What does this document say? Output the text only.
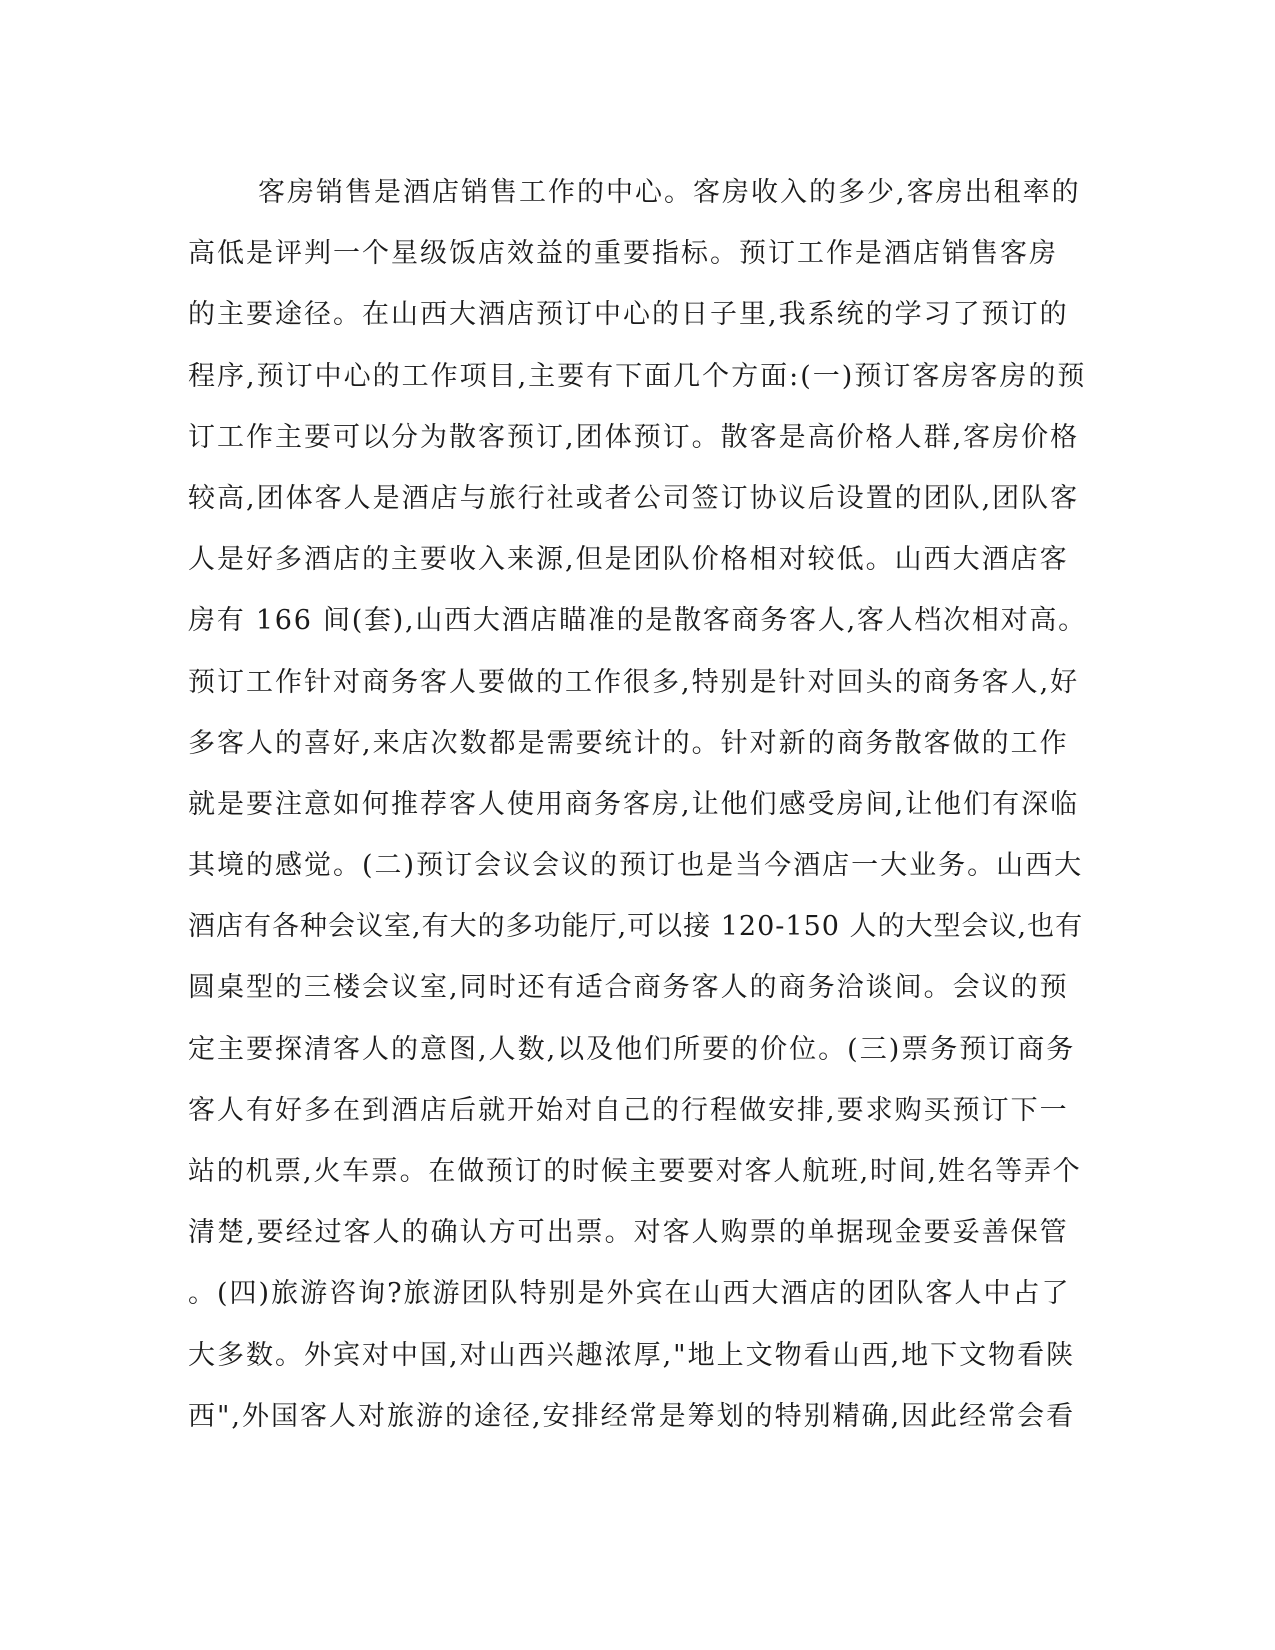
客房销售是酒店销售工作的中心。客房收入的多少,客房出租率的
高低是评判一个星级饭店效益的重要指标。预订工作是酒店销售客房
的主要途径。在山西大酒店预订中心的日子里,我系统的学习了预订的
程序,预订中心的工作项目,主要有下面几个方面:(一)预订客房客房的预
订工作主要可以分为散客预订,团体预订。散客是高价格人群,客房价格
较高,团体客人是酒店与旅行社或者公司签订协议后设置的团队,团队客
人是好多酒店的主要收入来源,但是团队价格相对较低。山西大酒店客
房有 166 间(套),山西大酒店瞄准的是散客商务客人,客人档次相对高。
预订工作针对商务客人要做的工作很多,特别是针对回头的商务客人,好
多客人的喜好,来店次数都是需要统计的。针对新的商务散客做的工作
就是要注意如何推荐客人使用商务客房,让他们感受房间,让他们有深临
其境的感觉。(二)预订会议会议的预订也是当今酒店一大业务。山西大
酒店有各种会议室,有大的多功能厅,可以接 120-150 人的大型会议,也有
圆桌型的三楼会议室,同时还有适合商务客人的商务洽谈间。会议的预
定主要探清客人的意图,人数,以及他们所要的价位。(三)票务预订商务
客人有好多在到酒店后就开始对自己的行程做安排,要求购买预订下一
站的机票,火车票。在做预订的时候主要要对客人航班,时间,姓名等弄个
清楚,要经过客人的确认方可出票。对客人购票的单据现金要妥善保管
。(四)旅游咨询?旅游团队特别是外宾在山西大酒店的团队客人中占了
大多数。外宾对中国,对山西兴趣浓厚,"地上文物看山西,地下文物看陕
西",外国客人对旅游的途径,安排经常是筹划的特别精确,因此经常会看
